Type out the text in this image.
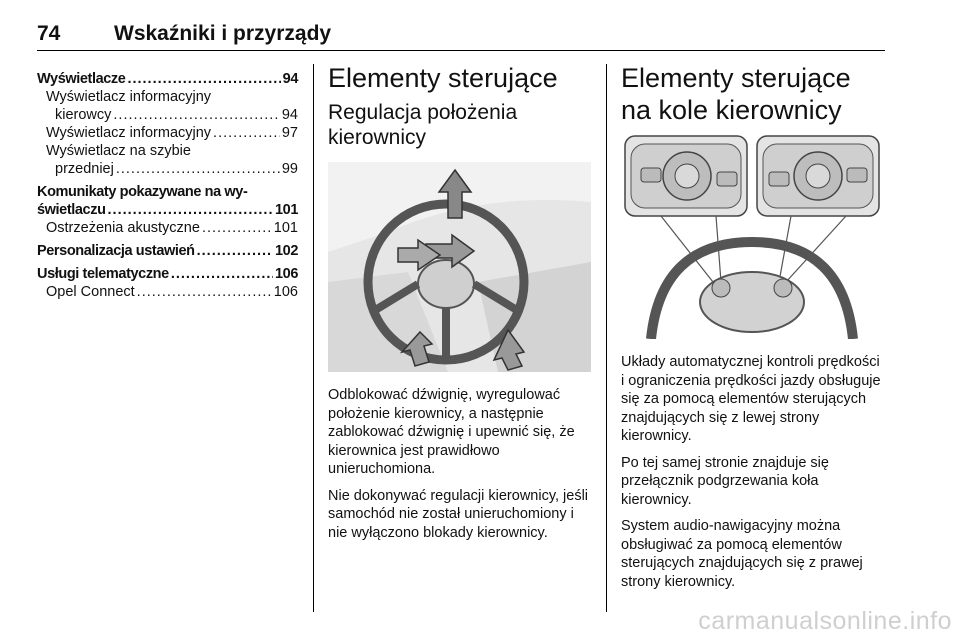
74	Wskaźniki i przyrządy
Wyświetlacze .....	94
Wyświetlacz informacyjny
kierowcy .....	94
Wyświetlacz informacyjny .....	97
Wyświetlacz na szybie
przedniej .....	99
Komunikaty pokazywane na wy-
świetlaczu .....	101
Ostrzeżenia akustyczne .....	101
Personalizacja ustawień .....	102
Usługi telematyczne .....	106
Opel Connect .....	106
Elementy sterujące
Regulacja położenia kierownicy

Odblokować dźwignię, wyregulować położenie kierownicy, a następnie zablokować dźwignię i upewnić się, że kierownica jest prawidłowo unieruchomiona.

Nie dokonywać regulacji kierownicy, jeśli samochód nie został unieruchomiony i nie wyłączono blokady kierownicy.

Elementy sterujące na kole kierownicy

Układy automatycznej kontroli prędkości i ograniczenia prędkości jazdy obsługuje się za pomocą elementów sterujących znajdujących się z lewej strony kierownicy.

Po tej samej stronie znajduje się przełącznik podgrzewania koła kierownicy.

System audio-nawigacyjny można obsługiwać za pomocą elementów sterujących znajdujących się z prawej strony kierownicy.

carmanualsonline.info
